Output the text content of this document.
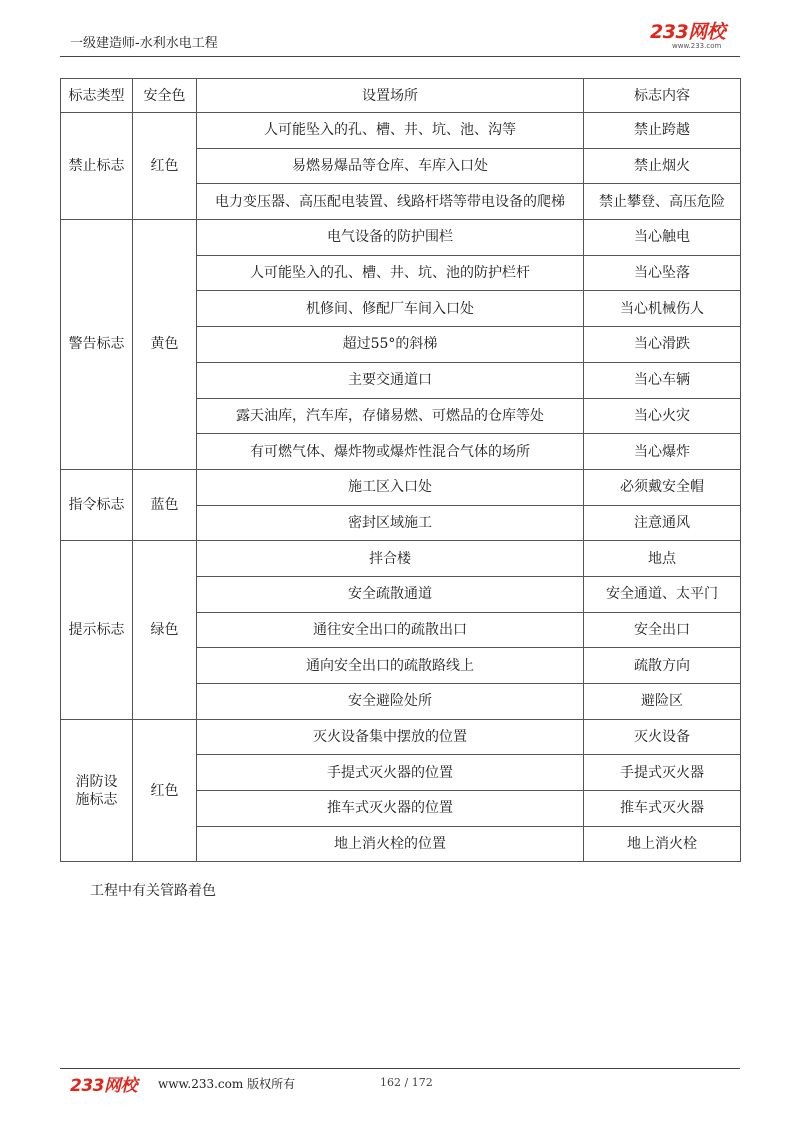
一级建造师-水利水电工程
233网校
www.233.com
标志类型	安全色	设置场所	标志内容
禁止标志	红色	人可能坠入的孔、槽、井、坑、池、沟等	禁止跨越
		易燃易爆品等仓库、车库入口处	禁止烟火
		电力变压器、高压配电装置、线路杆塔等带电设备的爬梯	禁止攀登、高压危险
警告标志	黄色	电气设备的防护围栏	当心触电
		人可能坠入的孔、槽、井、坑、池的防护栏杆	当心坠落
		机修间、修配厂车间入口处	当心机械伤人
		超过55°的斜梯	当心滑跌
		主要交通道口	当心车辆
		露天油库，汽车库，存储易燃、可燃品的仓库等处	当心火灾
		有可燃气体、爆炸物或爆炸性混合气体的场所	当心爆炸
指令标志	蓝色	施工区入口处	必须戴安全帽
		密封区域施工	注意通风
提示标志	绿色	拌合楼	地点
		安全疏散通道	安全通道、太平门
		通往安全出口的疏散出口	安全出口
		通向安全出口的疏散路线上	疏散方向
		安全避险处所	避险区
消防设施标志	红色	灭火设备集中摆放的位置	灭火设备
		手提式灭火器的位置	手提式灭火器
		推车式灭火器的位置	推车式灭火器
		地上消火栓的位置	地上消火栓
工程中有关管路着色
233网校 www.233.com 版权所有	162 / 172
